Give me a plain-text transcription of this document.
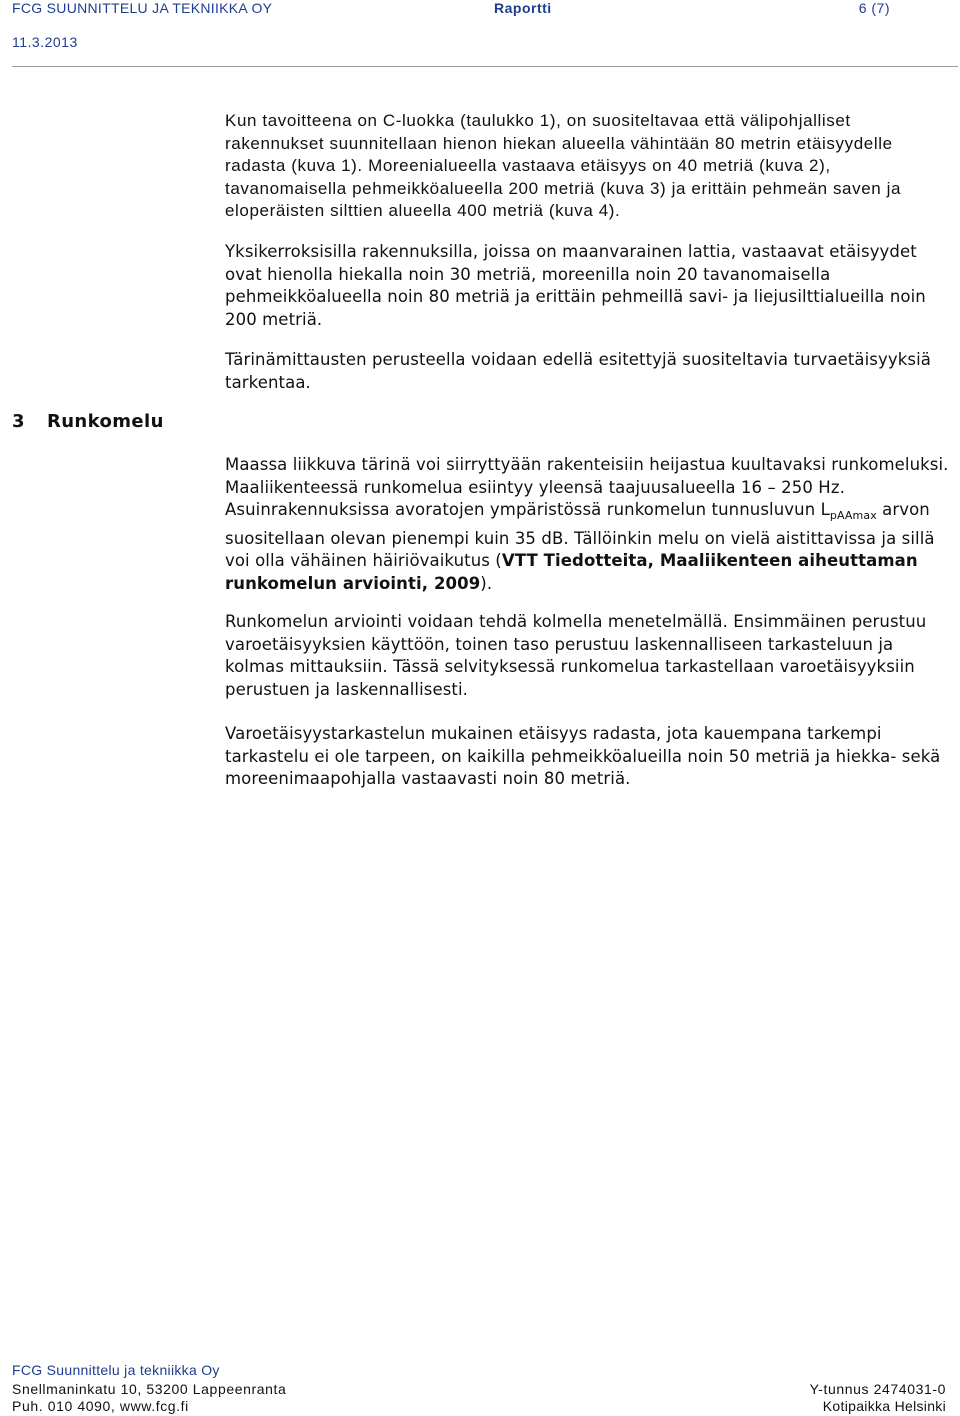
FCG SUUNNITTELU JA TEKNIIKKA OY	Raportti	6 (7)
11.3.2013

Kun tavoitteena on C-luokka (taulukko 1), on suositeltavaa että välipohjalliset rakennukset suunnitellaan hienon hiekan alueella vähintään 80 metrin etäisyydelle radasta (kuva 1). Moreenialueella vastaava etäisyys on 40 metriä (kuva 2), tavanomaisella pehmeikköalueella 200 metriä (kuva 3) ja erittäin pehmeän saven ja eloperäisten silttien alueella 400 metriä (kuva 4).

Yksikerroksisilla rakennuksilla, joissa on maanvarainen lattia, vastaavat etäisyydet ovat hienolla hiekalla noin 30 metriä, moreenilla noin 20 tavanomaisella pehmeikköalueella noin 80 metriä ja erittäin pehmeillä savi- ja liejusilttialueilla noin 200 metriä.

Tärinämittausten perusteella voidaan edellä esitettyjä suositeltavia turvaetäisyyksiä tarkentaa.

3 Runkomelu

Maassa liikkuva tärinä voi siirryttyään rakenteisiin heijastua kuultavaksi runkomeluksi. Maaliikenteessä runkomelua esiintyy yleensä taajuusalueella 16 – 250 Hz. Asuinrakennuksissa avoratojen ympäristössä runkomelun tunnusluvun $L_{pAAmax}$ arvon suositellaan olevan pienempi kuin 35 dB. Tällöinkin melu on vielä aistittavissa ja sillä voi olla vähäinen häiriövaikutus (VTT Tiedotteita, Maaliikenteen aiheuttaman runkomelun arviointi, 2009).

Runkomelun arviointi voidaan tehdä kolmella menetelmällä. Ensimmäinen perustuu varoetäisyyksien käyttöön, toinen taso perustuu laskennalliseen tarkasteluun ja kolmas mittauksiin. Tässä selvityksessä runkomelua tarkastellaan varoetäisyyksiin perustuen ja laskennallisesti.

Varoetäisyystarkastelun mukainen etäisyys radasta, jota kauempana tarkempi tarkastelu ei ole tarpeen, on kaikilla pehmeikköalueilla noin 50 metriä ja hiekka- sekä moreenimaapohjalla vastaavasti noin 80 metriä.

FCG Suunnittelu ja tekniikka Oy
Snellmaninkatu 10, 53200 Lappeenranta
Puh. 010 4090, www.fcg.fi
Y-tunnus 2474031-0
Kotipaikka Helsinki
